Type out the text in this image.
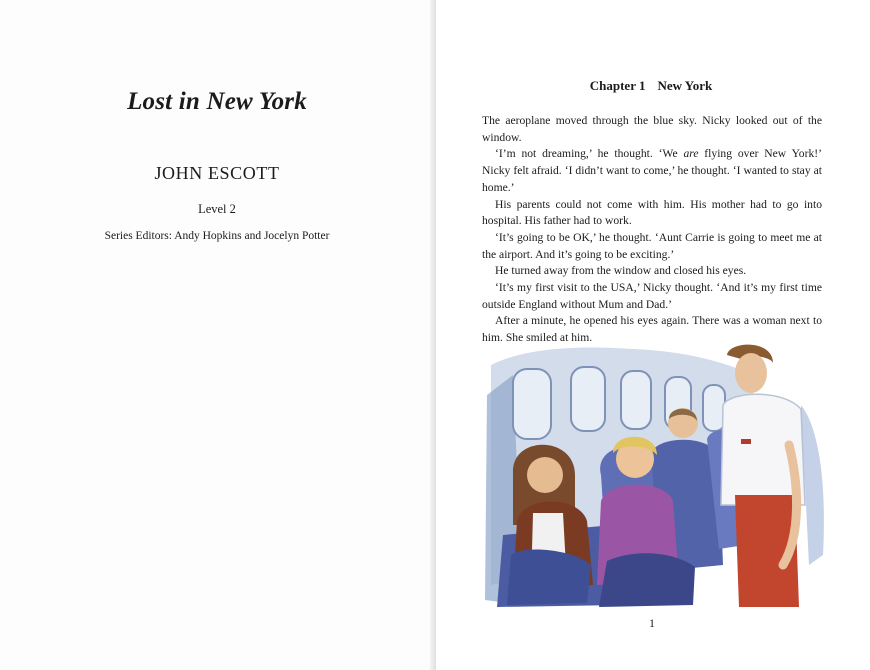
Lost in New York
JOHN ESCOTT
Level 2
Series Editors: Andy Hopkins and Jocelyn Potter
Chapter 1 New York

The aeroplane moved through the blue sky. Nicky looked out of the window.

‘I’m not dreaming,’ he thought. ‘We are flying over New York!’ Nicky felt afraid. ‘I didn’t want to come,’ he thought. ‘I wanted to stay at home.’

His parents could not come with him. His mother had to go into hospital. His father had to work.

‘It’s going to be OK,’ he thought. ‘Aunt Carrie is going to meet me at the airport. And it’s going to be exciting.’

He turned away from the window and closed his eyes.

‘It’s my first visit to the USA,’ Nicky thought. ‘And it’s my first time outside England without Mum and Dad.’

After a minute, he opened his eyes again. There was a woman next to him. She smiled at him.

1
